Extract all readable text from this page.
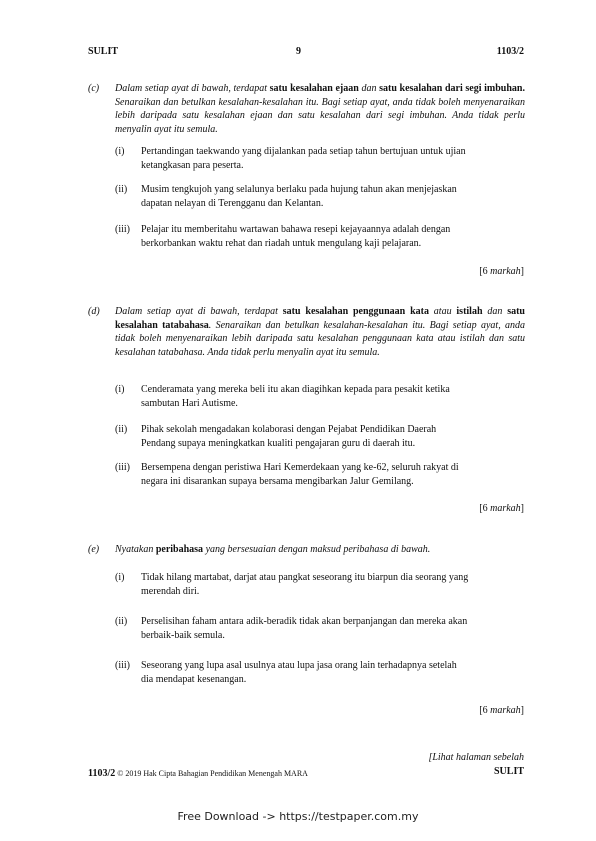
SULIT	9	1103/2
(c) Dalam setiap ayat di bawah, terdapat satu kesalahan ejaan dan satu kesalahan dari segi imbuhan. Senaraikan dan betulkan kesalahan-kesalahan itu. Bagi setiap ayat, anda tidak boleh menyenaraikan lebih daripada satu kesalahan ejaan dan satu kesalahan dari segi imbuhan. Anda tidak perlu menyalin ayat itu semula.
(i) Pertandingan taekwando yang dijalankan pada setiap tahun bertujuan untuk ujian
ketangkasan para peserta.
(ii) Musim tengkujoh yang selalunya berlaku pada hujung tahun akan menjejaskan
dapatan nelayan di Terengganu dan Kelantan.
(iii) Pelajar itu memberitahu wartawan bahawa resepi kejayaannya adalah dengan
berkorbankan waktu rehat dan riadah untuk mengulang kaji pelajaran.
[6 markah]
(d) Dalam setiap ayat di bawah, terdapat satu kesalahan penggunaan kata atau istilah dan satu kesalahan tatabahasa. Senaraikan dan betulkan kesalahan-kesalahan itu. Bagi setiap ayat, anda tidak boleh menyenaraikan lebih daripada satu kesalahan penggunaan kata atau istilah dan satu kesalahan tatabahasa. Anda tidak perlu menyalin ayat itu semula.
(i) Cenderamata yang mereka beli itu akan diagihkan kepada para pesakit ketika
sambutan Hari Autisme.
(ii) Pihak sekolah mengadakan kolaborasi dengan Pejabat Pendidikan Daerah
Pendang supaya meningkatkan kualiti pengajaran guru di daerah itu.
(iii) Bersempena dengan peristiwa Hari Kemerdekaan yang ke-62, seluruh rakyat di
negara ini disarankan supaya bersama mengibarkan Jalur Gemilang.
[6 markah]
(e) Nyatakan peribahasa yang bersesuaian dengan maksud peribahasa di bawah.
(i) Tidak hilang martabat, darjat atau pangkat seseorang itu biarpun dia seorang yang
merendah diri.
(ii) Perselisihan faham antara adik-beradik tidak akan berpanjangan dan mereka akan
berbaik-baik semula.
(iii) Seseorang yang lupa asal usulnya atau lupa jasa orang lain terhadapnya setelah
dia mendapat kesenangan.
[6 markah]
[Lihat halaman sebelah
1103/2 © 2019 Hak Cipta Bahagian Pendidikan Menengah MARA	SULIT
Free Download -> https://testpaper.com.my
